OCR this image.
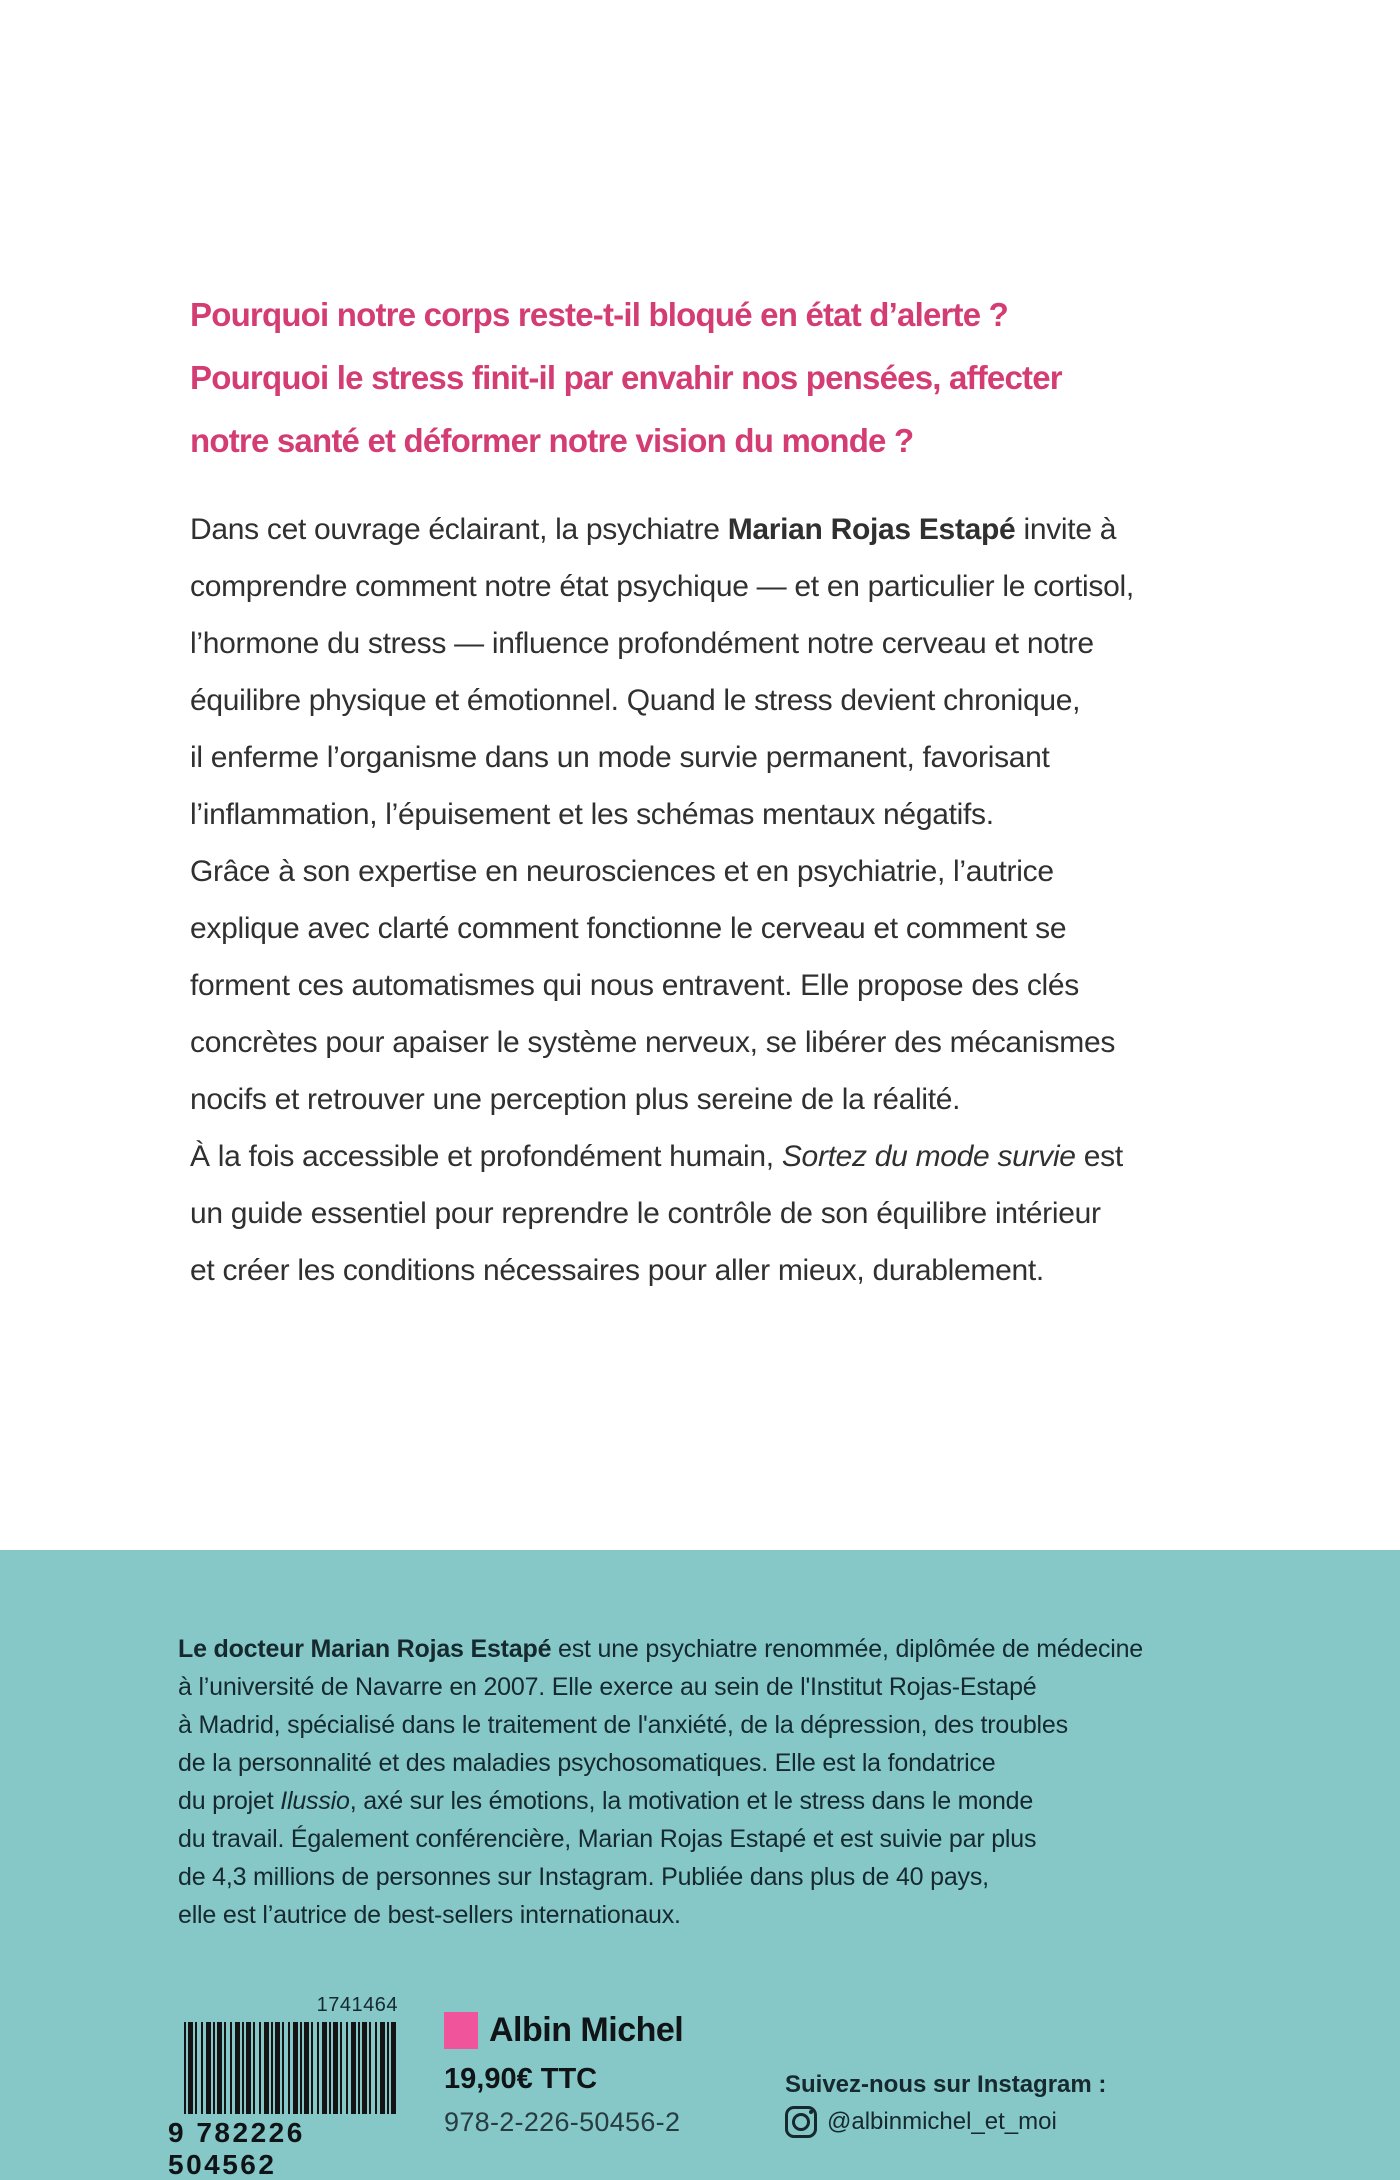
Pourquoi notre corps reste-t-il bloqué en état d’alerte ?
Pourquoi le stress finit-il par envahir nos pensées, affecter
notre santé et déformer notre vision du monde ?
Dans cet ouvrage éclairant, la psychiatre Marian Rojas Estapé invite à
comprendre comment notre état psychique — et en particulier le cortisol,
l’hormone du stress — influence profondément notre cerveau et notre
équilibre physique et émotionnel. Quand le stress devient chronique,
il enferme l’organisme dans un mode survie permanent, favorisant
l’inflammation, l’épuisement et les schémas mentaux négatifs.
Grâce à son expertise en neurosciences et en psychiatrie, l’autrice
explique avec clarté comment fonctionne le cerveau et comment se
forment ces automatismes qui nous entravent. Elle propose des clés
concrètes pour apaiser le système nerveux, se libérer des mécanismes
nocifs et retrouver une perception plus sereine de la réalité.
À la fois accessible et profondément humain, Sortez du mode survie est
un guide essentiel pour reprendre le contrôle de son équilibre intérieur
et créer les conditions nécessaires pour aller mieux, durablement.
Le docteur Marian Rojas Estapé est une psychiatre renommée, diplômée de médecine
à l’université de Navarre en 2007. Elle exerce au sein de l'Institut Rojas-Estapé
à Madrid, spécialisé dans le traitement de l'anxiété, de la dépression, des troubles
de la personnalité et des maladies psychosomatiques. Elle est la fondatrice
du projet Ilussio, axé sur les émotions, la motivation et le stress dans le monde
du travail. Également conférencière, Marian Rojas Estapé et est suivie par plus
de 4,3 millions de personnes sur Instagram. Publiée dans plus de 40 pays,
elle est l’autrice de best-sellers internationaux.
1741464
9 782226 504562
Albin Michel
19,90€ TTC
978-2-226-50456-2
Suivez-nous sur Instagram :
@albinmichel_et_moi
